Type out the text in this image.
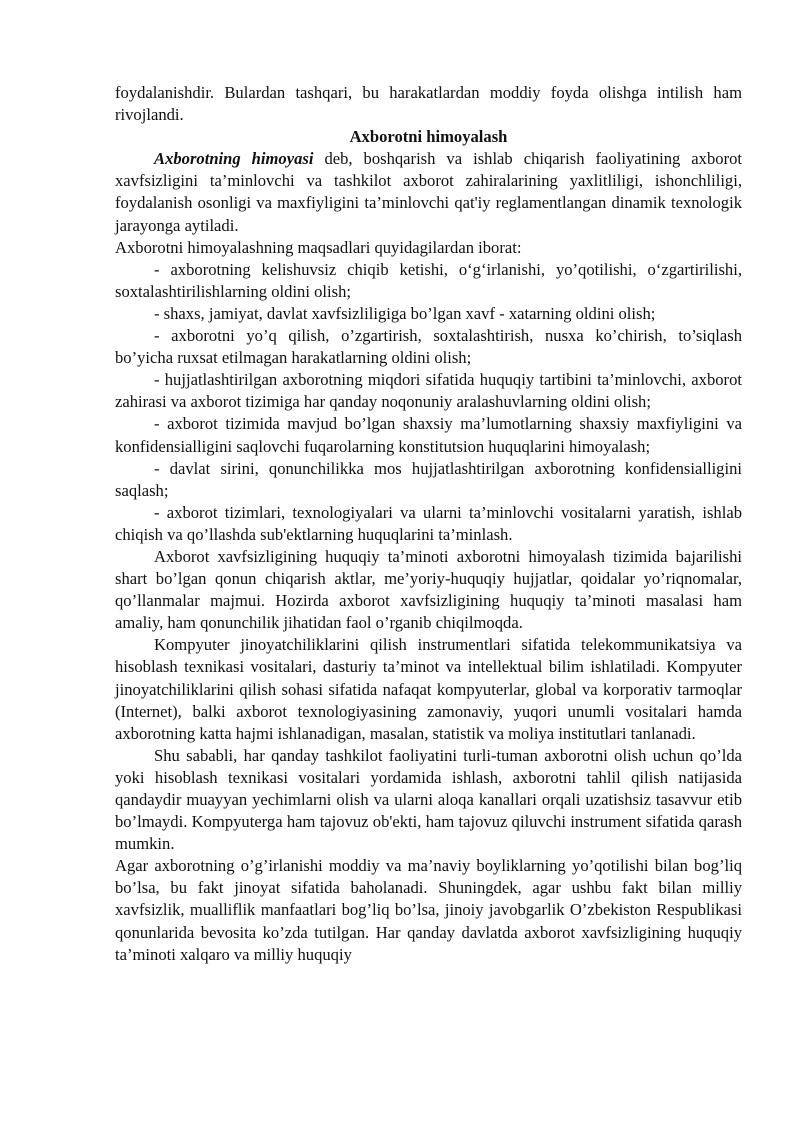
foydalanishdir. Bulardan tashqari, bu harakatlardan moddiy foyda olishga intilish ham rivojlandi.

Axborotni himoyalash

Axborotning himoyasi deb, boshqarish va ishlab chiqarish faoliyatining axborot xavfsizligini ta’minlovchi va tashkilot axborot zahiralarining yaxlitliligi, ishonchliligi, foydalanish osonligi va maxfiyligini ta’minlovchi qat'iy reglamentlangan dinamik texnologik jarayonga aytiladi.

Axborotni himoyalashning maqsadlari quyidagilardan iborat:

- axborotning kelishuvsiz chiqib ketishi, o‘g‘irlanishi, yo’qotilishi, o‘zgartirilishi, soxtalashtirilishlarning oldini olish;

- shaxs, jamiyat, davlat xavfsizliligiga bo’lgan xavf - xatarning oldini olish;

- axborotni yo’q qilish, o’zgartirish, soxtalashtirish, nusxa ko’chirish, to’siqlash bo’yicha ruxsat etilmagan harakatlarning oldini olish;

- hujjatlashtirilgan axborotning miqdori sifatida huquqiy tartibini ta’minlovchi, axborot zahirasi va axborot tizimiga har qanday noqonuniy aralashuvlarning oldini olish;

- axborot tizimida mavjud bo’lgan shaxsiy ma’lumotlarning shaxsiy maxfiyligini va konfidensialligini saqlovchi fuqarolarning konstitutsion huquqlarini himoyalash;

- davlat sirini, qonunchilikka mos hujjatlashtirilgan axborotning konfidensialligini saqlash;

- axborot tizimlari, texnologiyalari va ularni ta’minlovchi vositalarni yaratish, ishlab chiqish va qo’llashda sub'ektlarning huquqlarini ta’minlash.

Axborot xavfsizligining huquqiy ta’minoti axborotni himoyalash tizimida bajarilishi shart bo’lgan qonun chiqarish aktlar, me’yoriy-huquqiy hujjatlar, qoidalar yo’riqnomalar, qo’llanmalar majmui. Hozirda axborot xavfsizligining huquqiy ta’minoti masalasi ham amaliy, ham qonunchilik jihatidan faol o’rganib chiqilmoqda.

Kompyuter jinoyatchiliklarini qilish instrumentlari sifatida telekommunikatsiya va hisoblash texnikasi vositalari, dasturiy ta’minot va intellektual bilim ishlatiladi. Kompyuter jinoyatchiliklarini qilish sohasi sifatida nafaqat kompyuterlar, global va korporativ tarmoqlar (Internet), balki axborot texnologiyasining zamonaviy, yuqori unumli vositalari hamda axborotning katta hajmi ishlanadigan, masalan, statistik va moliya institutlari tanlanadi.

Shu sababli, har qanday tashkilot faoliyatini turli-tuman axborotni olish uchun qo’lda yoki hisoblash texnikasi vositalari yordamida ishlash, axborotni tahlil qilish natijasida qandaydir muayyan yechimlarni olish va ularni aloqa kanallari orqali uzatishsiz tasavvur etib bo’lmaydi. Kompyuterga ham tajovuz ob'ekti, ham tajovuz qiluvchi instrument sifatida qarash mumkin.

Agar axborotning o’g’irlanishi moddiy va ma’naviy boyliklarning yo’qotilishi bilan bog’liq bo’lsa, bu fakt jinoyat sifatida baholanadi. Shuningdek, agar ushbu fakt bilan milliy xavfsizlik, mualliflik manfaatlari bog’liq bo’lsa, jinoiy javobgarlik O’zbekiston Respublikasi qonunlarida bevosita ko’zda tutilgan. Har qanday davlatda axborot xavfsizligining huquqiy ta’minoti xalqaro va milliy huquqiy
